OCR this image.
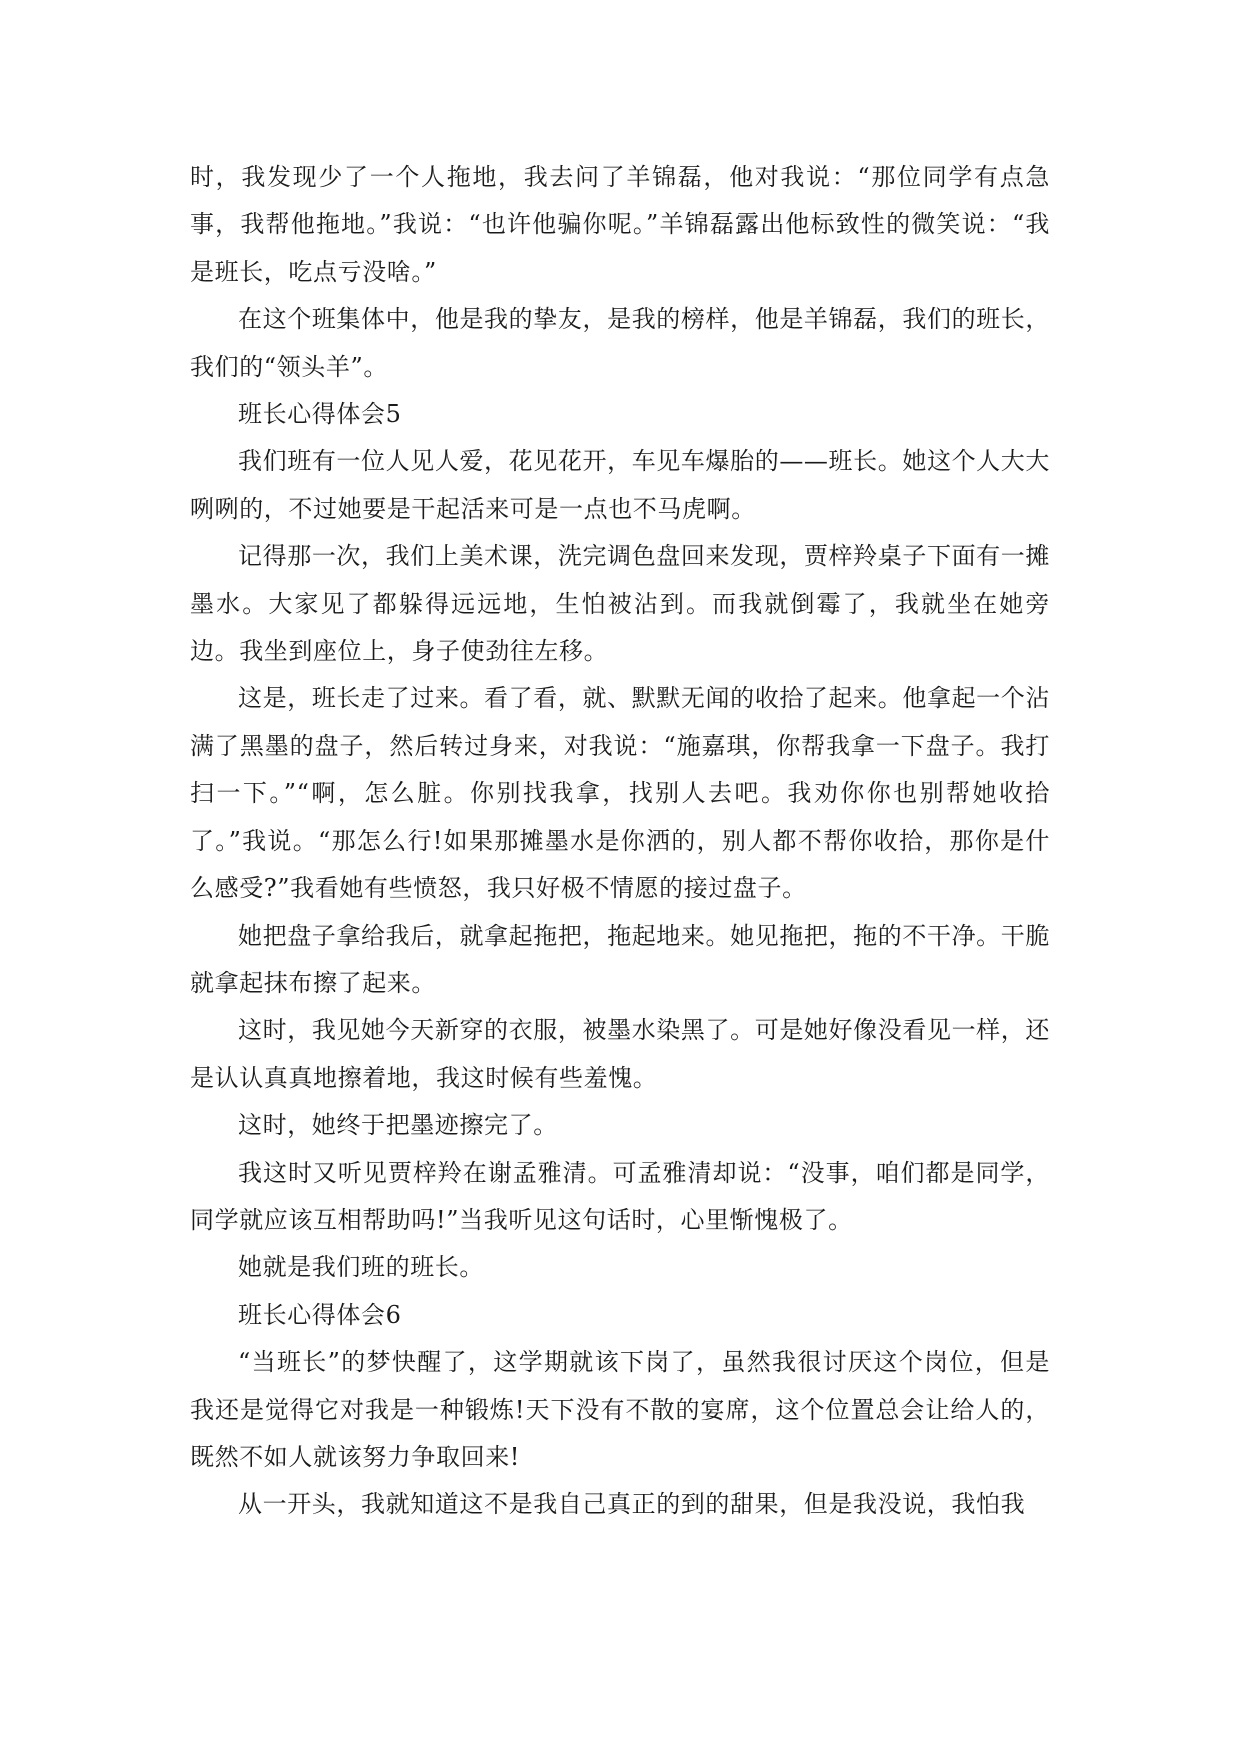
时，我发现少了一个人拖地，我去问了羊锦磊，他对我说：“那位同学有点急事，我帮他拖地。”我说：“也许他骗你呢。”羊锦磊露出他标致性的微笑说：“我是班长，吃点亏没啥。”

在这个班集体中，他是我的挚友，是我的榜样，他是羊锦磊，我们的班长，我们的“领头羊”。

班长心得体会5

我们班有一位人见人爱，花见花开，车见车爆胎的——班长。她这个人大大咧咧的，不过她要是干起活来可是一点也不马虎啊。

记得那一次，我们上美术课，洗完调色盘回来发现，贾梓羚桌子下面有一摊墨水。大家见了都躲得远远地，生怕被沾到。而我就倒霉了，我就坐在她旁边。我坐到座位上，身子使劲往左移。

这是，班长走了过来。看了看，就、默默无闻的收拾了起来。他拿起一个沾满了黑墨的盘子，然后转过身来，对我说：“施嘉琪，你帮我拿一下盘子。我打扫一下。”“啊，怎么脏。你别找我拿，找别人去吧。我劝你你也别帮她收拾了。”我说。“那怎么行!如果那摊墨水是你洒的，别人都不帮你收拾，那你是什么感受?”我看她有些愤怒，我只好极不情愿的接过盘子。

她把盘子拿给我后，就拿起拖把，拖起地来。她见拖把，拖的不干净。干脆就拿起抹布擦了起来。

这时，我见她今天新穿的衣服，被墨水染黑了。可是她好像没看见一样，还是认认真真地擦着地，我这时候有些羞愧。

这时，她终于把墨迹擦完了。

我这时又听见贾梓羚在谢孟雅清。可孟雅清却说：“没事，咱们都是同学，同学就应该互相帮助吗!”当我听见这句话时，心里惭愧极了。

她就是我们班的班长。

班长心得体会6

“当班长”的梦快醒了，这学期就该下岗了，虽然我很讨厌这个岗位，但是我还是觉得它对我是一种锻炼!天下没有不散的宴席，这个位置总会让给人的，既然不如人就该努力争取回来!

从一开头，我就知道这不是我自己真正的到的甜果，但是我没说，我怕我
